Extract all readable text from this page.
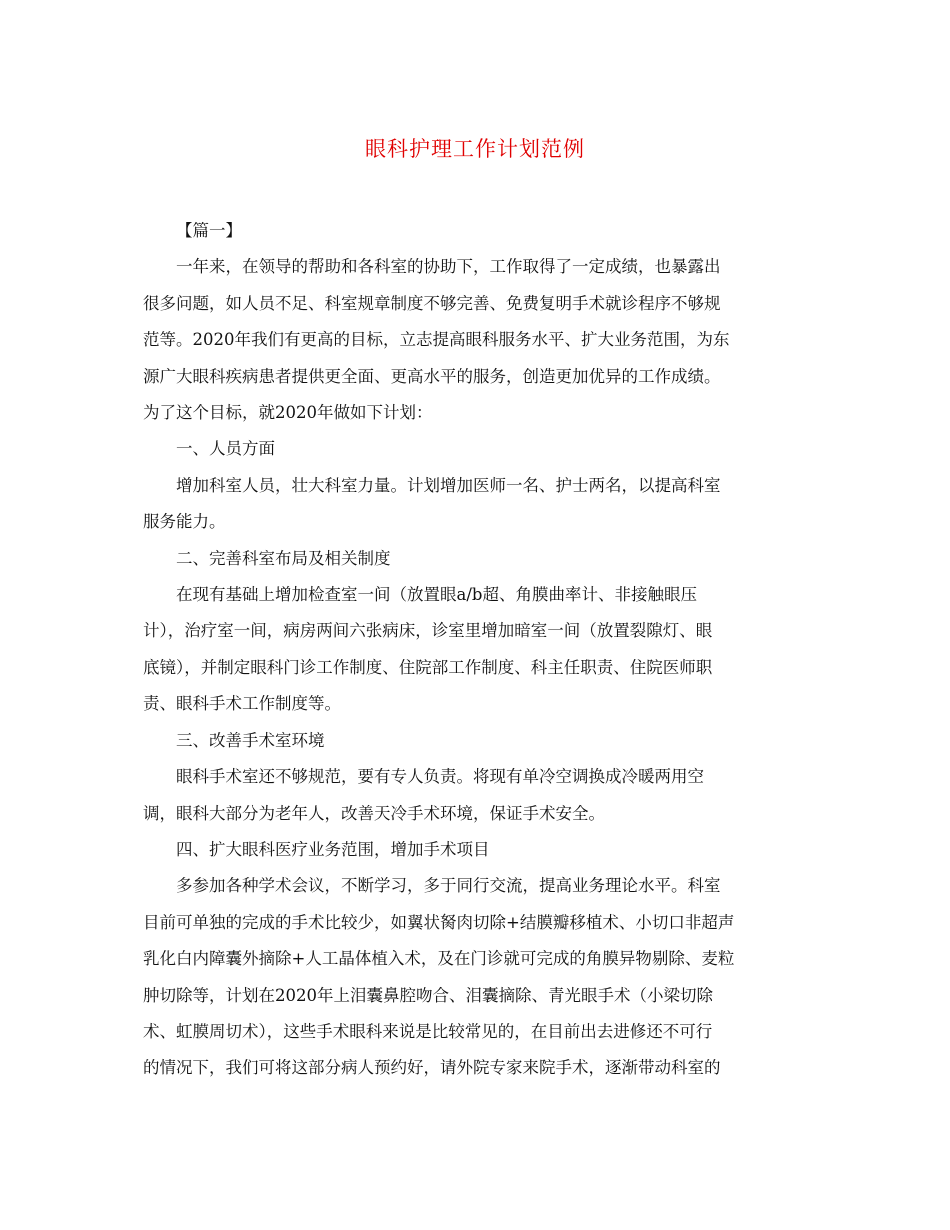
眼科护理工作计划范例
【篇一】
一年来，在领导的帮助和各科室的协助下，工作取得了一定成绩，也暴露出
很多问题，如人员不足、科室规章制度不够完善、免费复明手术就诊程序不够规
范等。2020年我们有更高的目标，立志提高眼科服务水平、扩大业务范围，为东
源广大眼科疾病患者提供更全面、更高水平的服务，创造更加优异的工作成绩。
为了这个目标，就2020年做如下计划：
一、人员方面
增加科室人员，壮大科室力量。计划增加医师一名、护士两名，以提高科室
服务能力。
二、完善科室布局及相关制度
在现有基础上增加检查室一间（放置眼a/b超、角膜曲率计、非接触眼压
计），治疗室一间，病房两间六张病床，诊室里增加暗室一间（放置裂隙灯、眼
底镜），并制定眼科门诊工作制度、住院部工作制度、科主任职责、住院医师职
责、眼科手术工作制度等。
三、改善手术室环境
眼科手术室还不够规范，要有专人负责。将现有单冷空调换成冷暖两用空
调，眼科大部分为老年人，改善天冷手术环境，保证手术安全。
四、扩大眼科医疗业务范围，增加手术项目
多参加各种学术会议，不断学习，多于同行交流，提高业务理论水平。科室
目前可单独的完成的手术比较少，如翼状胬肉切除+结膜瓣移植术、小切口非超声
乳化白内障囊外摘除+人工晶体植入术，及在门诊就可完成的角膜异物剔除、麦粒
肿切除等，计划在2020年上泪囊鼻腔吻合、泪囊摘除、青光眼手术（小梁切除
术、虹膜周切术），这些手术眼科来说是比较常见的，在目前出去进修还不可行
的情况下，我们可将这部分病人预约好，请外院专家来院手术，逐渐带动科室的
